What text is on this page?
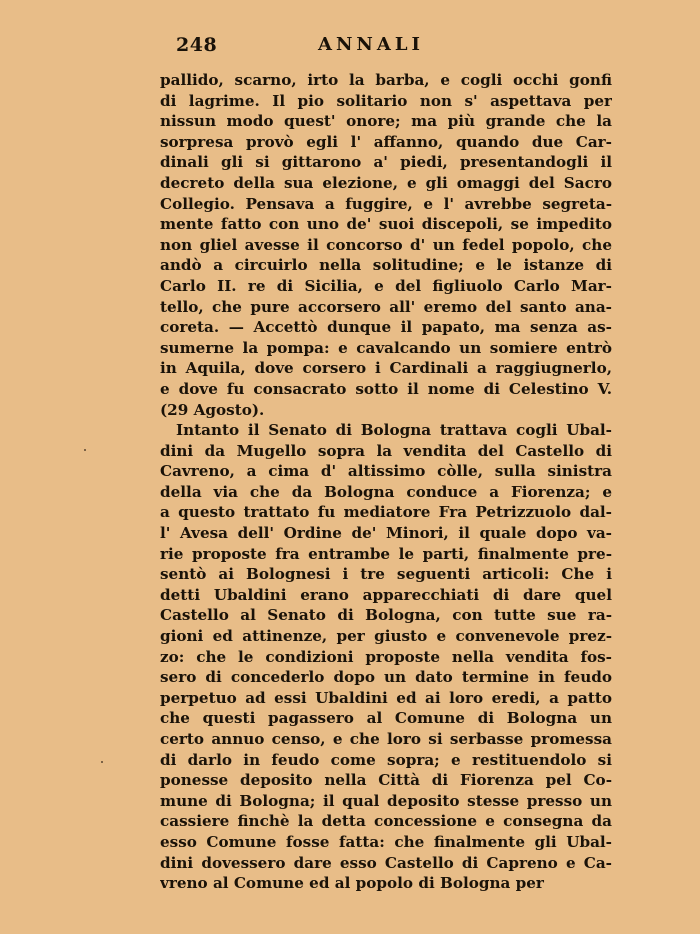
248	ANNALI
pallido, scarno, irto la barba, e cogli occhi gonfi
di lagrime. Il pio solitario non s' aspettava per
nissun modo quest' onore; ma più grande che la
sorpresa provò egli l' affanno, quando due Car-
dinali gli si gittarono a' piedi, presentandogli il
decreto della sua elezione, e gli omaggi del Sacro
Collegio. Pensava a fuggire, e l' avrebbe segreta-
mente fatto con uno de' suoi discepoli, se impedito
non gliel avesse il concorso d' un fedel popolo, che
andò a circuirlo nella solitudine; e le istanze di
Carlo II. re di Sicilia, e del figliuolo Carlo Mar-
tello, che pure accorsero all' eremo del santo ana-
coreta. — Accettò dunque il papato, ma senza as-
sumerne la pompa: e cavalcando un somiere entrò
in Aquila, dove corsero i Cardinali a raggiugnerlo,
e dove fu consacrato sotto il nome di Celestino V.
(29 Agosto).
Intanto il Senato di Bologna trattava cogli Ubal-
dini da Mugello sopra la vendita del Castello di
Cavreno, a cima d' altissimo còlle, sulla sinistra
della via che da Bologna conduce a Fiorenza; e
a questo trattato fu mediatore Fra Petrizzuolo dal-
l' Avesa dell' Ordine de' Minori, il quale dopo va-
rie proposte fra entrambe le parti, finalmente pre-
sentò ai Bolognesi i tre seguenti articoli: Che i
detti Ubaldini erano apparecchiati di dare quel
Castello al Senato di Bologna, con tutte sue ra-
gioni ed attinenze, per giusto e convenevole prez-
zo: che le condizioni proposte nella vendita fos-
sero di concederlo dopo un dato termine in feudo
perpetuo ad essi Ubaldini ed ai loro eredi, a patto
che questi pagassero al Comune di Bologna un
certo annuo censo, e che loro si serbasse promessa
di darlo in feudo come sopra; e restituendolo si
ponesse deposito nella Città di Fiorenza pel Co-
mune di Bologna; il qual deposito stesse presso un
cassiere finchè la detta concessione e consegna da
esso Comune fosse fatta: che finalmente gli Ubal-
dini dovessero dare esso Castello di Capreno e Ca-
vreno al Comune ed al popolo di Bologna per
